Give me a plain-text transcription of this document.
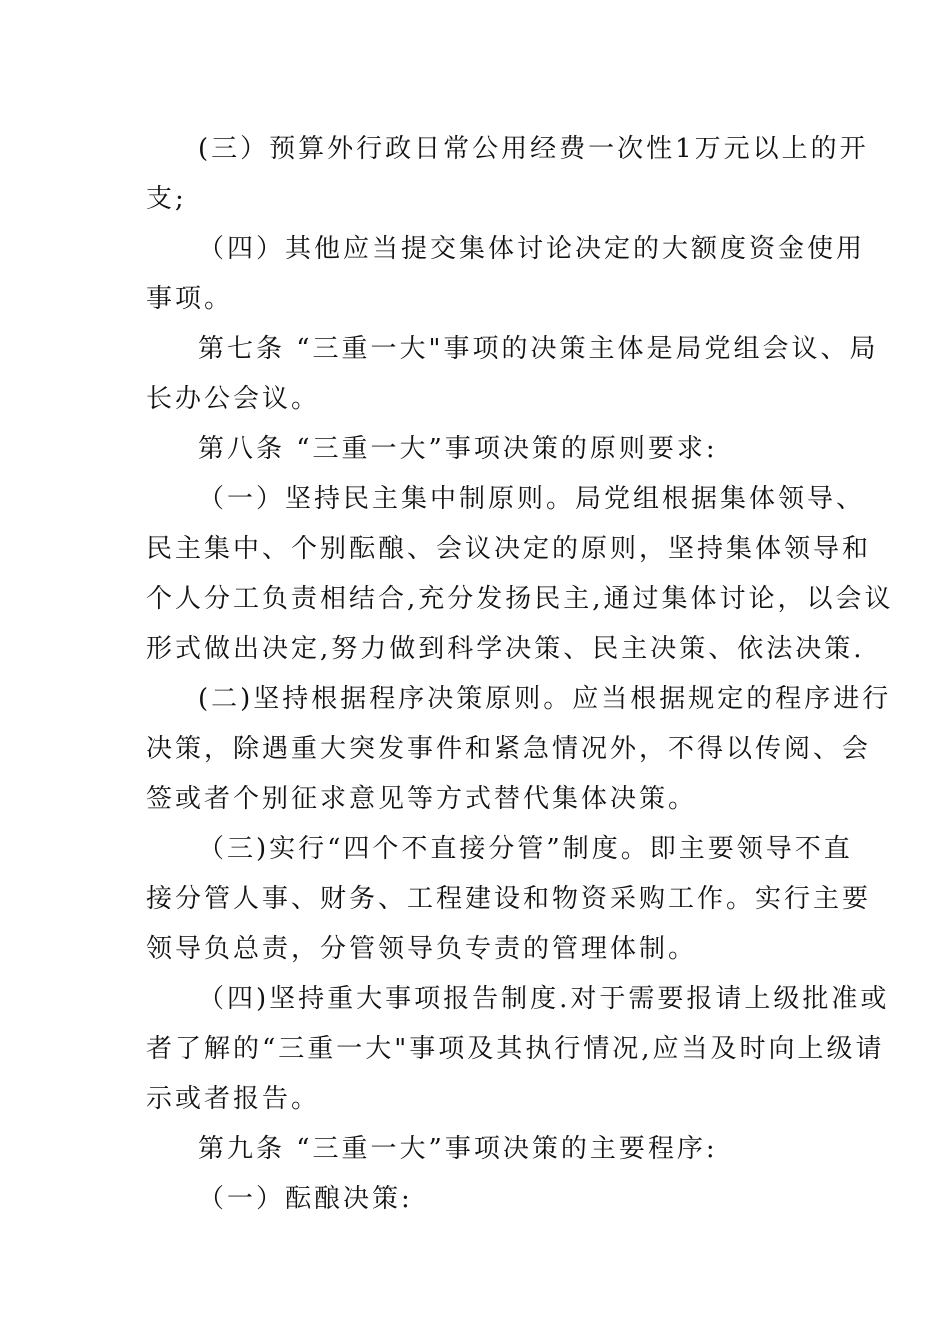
(三）预算外行政日常公用经费一次性1万元以上的开
支;

（四）其他应当提交集体讨论决定的大额度资金使用
事项。

第七条 “三重一大"事项的决策主体是局党组会议、局
长办公会议。

第八条 “三重一大”事项决策的原则要求:

（一）坚持民主集中制原则。局党组根据集体领导、
民主集中、个别酝酿、会议决定的原则，坚持集体领导和
个人分工负责相结合,充分发扬民主,通过集体讨论，以会议
形式做出决定,努力做到科学决策、民主决策、依法决策.

(二)坚持根据程序决策原则。应当根据规定的程序进行
决策，除遇重大突发事件和紧急情况外，不得以传阅、会
签或者个别征求意见等方式替代集体决策。

（三)实行“四个不直接分管”制度。即主要领导不直
接分管人事、财务、工程建设和物资采购工作。实行主要
领导负总责，分管领导负专责的管理体制。

（四)坚持重大事项报告制度.对于需要报请上级批准或
者了解的“三重一大"事项及其执行情况,应当及时向上级请
示或者报告。

第九条 “三重一大”事项决策的主要程序:

（一）酝酿决策:
